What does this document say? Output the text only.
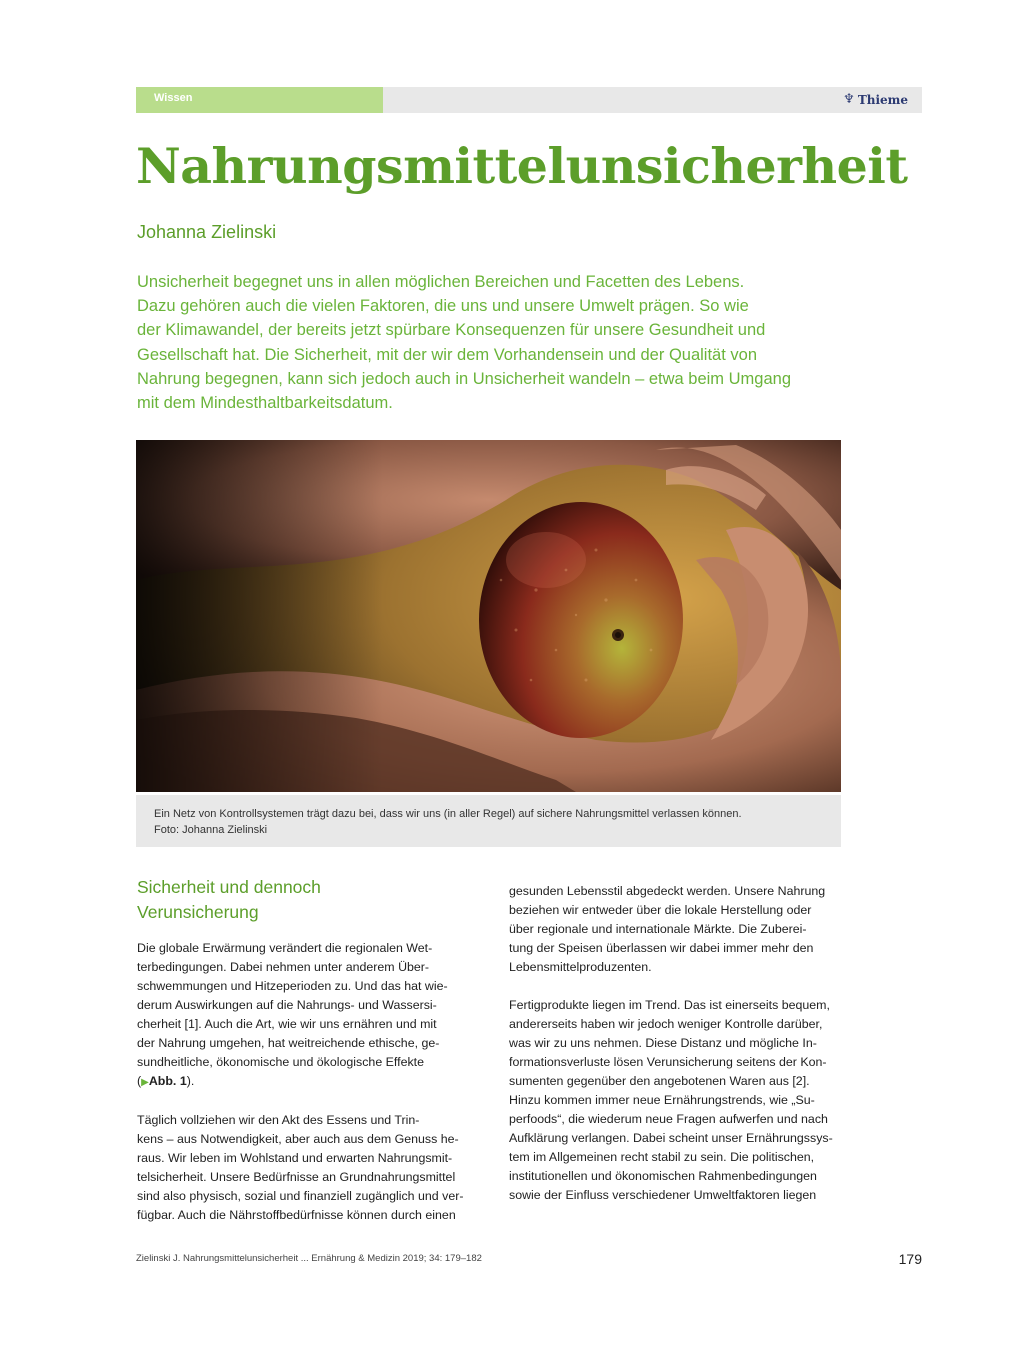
Wissen	♆ Thieme
Nahrungsmittelunsicherheit
Johanna Zielinski
Unsicherheit begegnet uns in allen möglichen Bereichen und Facetten des Lebens.
Dazu gehören auch die vielen Faktoren, die uns und unsere Umwelt prägen. So wie
der Klimawandel, der bereits jetzt spürbare Konsequenzen für unsere Gesundheit und
Gesellschaft hat. Die Sicherheit, mit der wir dem Vorhandensein und der Qualität von
Nahrung begegnen, kann sich jedoch auch in Unsicherheit wandeln – etwa beim Umgang
mit dem Mindesthaltbarkeitsdatum.
Ein Netz von Kontrollsystemen trägt dazu bei, dass wir uns (in aller Regel) auf sichere Nahrungsmittel verlassen können.
Foto: Johanna Zielinski
Sicherheit und dennoch
Verunsicherung
Die globale Erwärmung verändert die regionalen Wet-
terbedingungen. Dabei nehmen unter anderem Über-
schwemmungen und Hitzeperioden zu. Und das hat wie-
derum Auswirkungen auf die Nahrungs- und Wassersi-
cherheit [1]. Auch die Art, wie wir uns ernähren und mit
der Nahrung umgehen, hat weitreichende ethische, ge-
sundheitliche, ökonomische und ökologische Effekte
(▶Abb. 1).
Täglich vollziehen wir den Akt des Essens und Trin-
kens – aus Notwendigkeit, aber auch aus dem Genuss he-
raus. Wir leben im Wohlstand und erwarten Nahrungsmit-
telsicherheit. Unsere Bedürfnisse an Grundnahrungsmittel
sind also physisch, sozial und finanziell zugänglich und ver-
fügbar. Auch die Nährstoffbedürfnisse können durch einen
gesunden Lebensstil abgedeckt werden. Unsere Nahrung
beziehen wir entweder über die lokale Herstellung oder
über regionale und internationale Märkte. Die Zuberei-
tung der Speisen überlassen wir dabei immer mehr den
Lebensmittelproduzenten.
Fertigprodukte liegen im Trend. Das ist einerseits bequem,
andererseits haben wir jedoch weniger Kontrolle darüber,
was wir zu uns nehmen. Diese Distanz und mögliche In-
formationsverluste lösen Verunsicherung seitens der Kon-
sumenten gegenüber den angebotenen Waren aus [2].
Hinzu kommen immer neue Ernährungstrends, wie „Su-
perfoods“, die wiederum neue Fragen aufwerfen und nach
Aufklärung verlangen. Dabei scheint unser Ernährungssys-
tem im Allgemeinen recht stabil zu sein. Die politischen,
institutionellen und ökonomischen Rahmenbedingungen
sowie der Einfluss verschiedener Umweltfaktoren liegen
Zielinski J. Nahrungsmittelunsicherheit ... Ernährung & Medizin 2019; 34: 179–182	179
